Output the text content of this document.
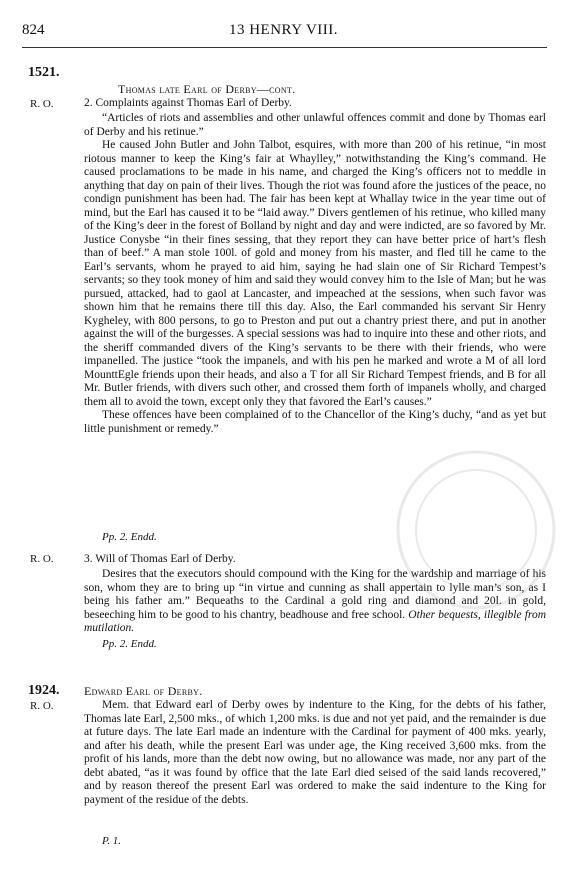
824	13 HENRY VIII.
1521.
Thomas late Earl of Derby—cont.
R. O.	2. Complaints against Thomas Earl of Derby.

“Articles of riots and assemblies and other unlawful offences commit and done by Thomas earl of Derby and his retinue.”

He caused John Butler and John Talbot, esquires, with more than 200 of his retinue, “in most riotous manner to keep the King’s fair at Whaylley,” notwithstanding the King’s command. He caused proclamations to be made in his name, and charged the King’s officers not to meddle in anything that day on pain of their lives. Though the riot was found afore the justices of the peace, no condign punishment has been had. The fair has been kept at Whallay twice in the year time out of mind, but the Earl has caused it to be “laid away.” Divers gentlemen of his retinue, who killed many of the King’s deer in the forest of Bolland by night and day and were indicted, are so favored by Mr. Justice Conysbe “in their fines sessing, that they report they can have better price of hart’s flesh than of beef.” A man stole 100l. of gold and money from his master, and fled till he came to the Earl’s servants, whom he prayed to aid him, saying he had slain one of Sir Richard Tempest’s servants; so they took money of him and said they would convey him to the Isle of Man; but he was pursued, attacked, had to gaol at Lancaster, and impeached at the sessions, when such favor was shown him that he remains there till this day. Also, the Earl commanded his servant Sir Henry Kygheley, with 800 persons, to go to Preston and put out a chantry priest there, and put in another against the will of the burgesses. A special sessions was had to inquire into these and other riots, and the sheriff commanded divers of the King’s servants to be there with their friends, who were impanelled. The justice “took the impanels, and with his pen he marked and wrote a M of all lord MounttEgle friends upon their heads, and also a T for all Sir Richard Tempest friends, and B for all Mr. Butler friends, with divers such other, and crossed them forth of impanels wholly, and charged them all to avoid the town, except only they that favored the Earl’s causes.”

These offences have been complained of to the Chancellor of the King’s duchy, “and as yet but little punishment or remedy.”

Pp. 2. Endd.
R. O.	3. Will of Thomas Earl of Derby.

Desires that the executors should compound with the King for the wardship and marriage of his son, whom they are to bring up “in virtue and cunning as shall appertain to lylle man’s son, as I being his father am.” Bequeaths to the Cardinal a gold ring and diamond and 20l. in gold, beseeching him to be good to his chantry, beadhouse and free school. Other bequests, illegible from mutilation.

Pp. 2. Endd.
1924. Edward Earl of Derby.
R. O.	Mem. that Edward earl of Derby owes by indenture to the King, for the debts of his father, Thomas late Earl, 2,500 mks., of which 1,200 mks. is due and not yet paid, and the remainder is due at future days. The late Earl made an indenture with the Cardinal for payment of 400 mks. yearly, and after his death, while the present Earl was under age, the King received 3,600 mks. from the profit of his lands, more than the debt now owing, but no allowance was made, nor any part of the debt abated, “as it was found by office that the late Earl died seised of the said lands recovered,” and by reason thereof the present Earl was ordered to make the said indenture to the King for payment of the residue of the debts.

P. 1.
